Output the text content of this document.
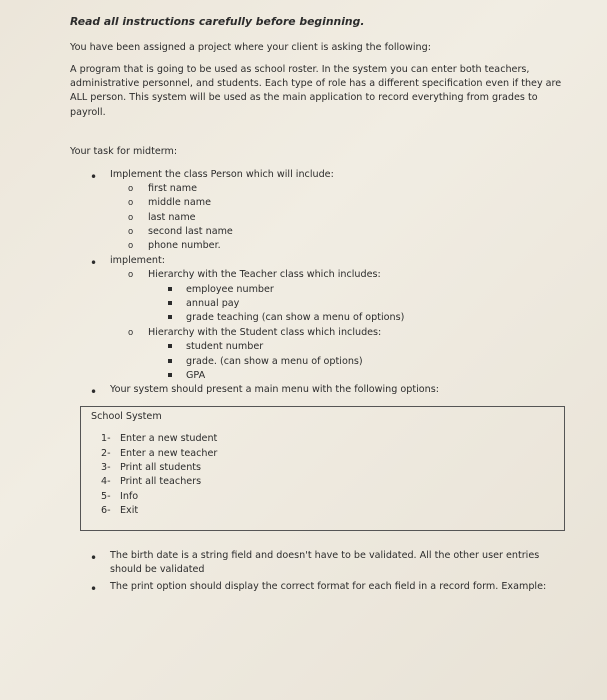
Read all instructions carefully before beginning.

You have been assigned a project where your client is asking the following:

A program that is going to be used as school roster. In the system you can enter both teachers, administrative personnel, and students. Each type of role has a different specification even if they are ALL person. This system will be used as the main application to record everything from grades to payroll.

Your task for midterm:

• Implement the class Person which will include:
o first name
o middle name
o last name
o second last name
o phone number.
• implement:
o Hierarchy with the Teacher class which includes:
employee number
annual pay
grade teaching (can show a menu of options)
o Hierarchy with the Student class which includes:
student number
grade. (can show a menu of options)
GPA
• Your system should present a main menu with the following options:
School System
1- Enter a new student
2- Enter a new teacher
3- Print all students
4- Print all teachers
5- Info
6- Exit
• The birth date is a string field and doesn't have to be validated. All the other user entries should be validated
• The print option should display the correct format for each field in a record form. Example:
